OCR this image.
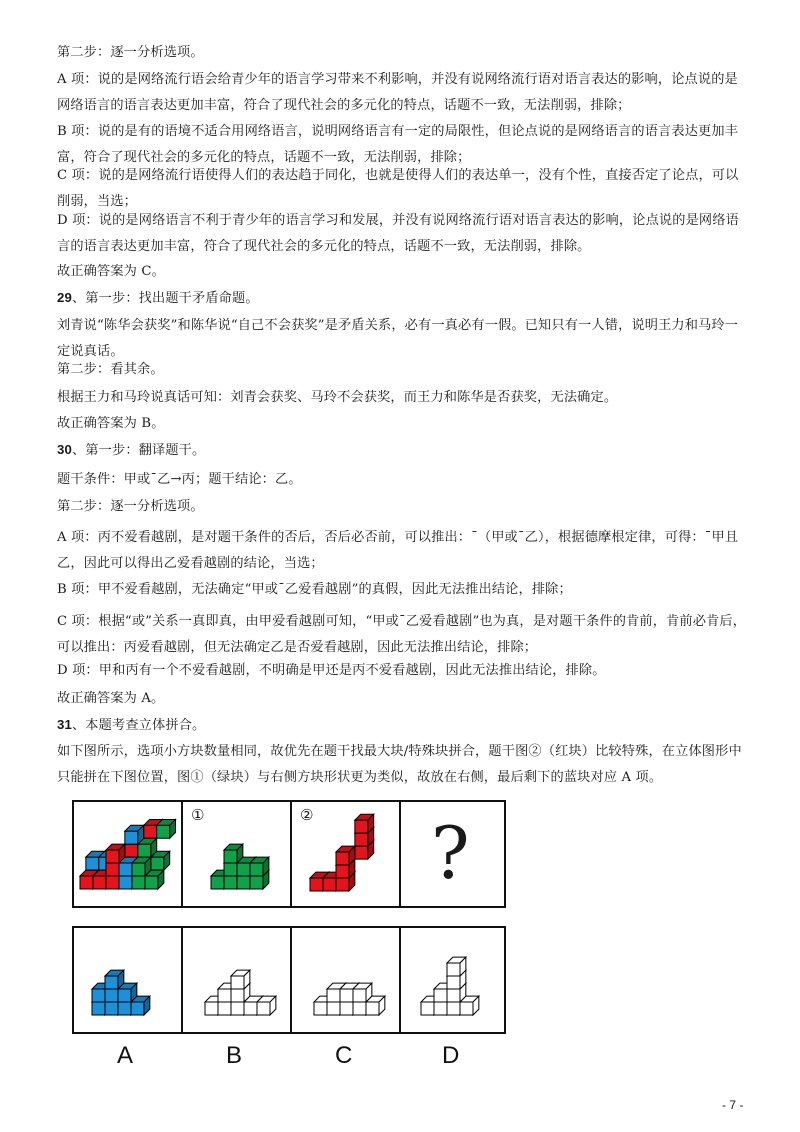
第二步：逐一分析选项。
A 项：说的是网络流行语会给青少年的语言学习带来不利影响，并没有说网络流行语对语言表达的影响，论点说的是网络语言的语言表达更加丰富，符合了现代社会的多元化的特点，话题不一致，无法削弱，排除；
B 项：说的是有的语境不适合用网络语言，说明网络语言有一定的局限性，但论点说的是网络语言的语言表达更加丰富，符合了现代社会的多元化的特点，话题不一致，无法削弱，排除；
C 项：说的是网络流行语使得人们的表达趋于同化，也就是使得人们的表达单一，没有个性，直接否定了论点，可以削弱，当选；
D 项：说的是网络语言不利于青少年的语言学习和发展，并没有说网络流行语对语言表达的影响，论点说的是网络语言的语言表达更加丰富，符合了现代社会的多元化的特点，话题不一致，无法削弱，排除。
故正确答案为 C。
29、第一步：找出题干矛盾命题。
刘青说“陈华会获奖”和陈华说“自己不会获奖”是矛盾关系，必有一真必有一假。已知只有一人错，说明王力和马玲一定说真话。
第二步：看其余。
根据王力和马玲说真话可知：刘青会获奖、马玲不会获奖，而王力和陈华是否获奖，无法确定。
故正确答案为 B。
30、第一步：翻译题干。
题干条件：甲或¯乙→丙；题干结论：乙。
第二步：逐一分析选项。
A 项：丙不爱看越剧，是对题干条件的否后，否后必否前，可以推出：¯（甲或¯乙），根据德摩根定律，可得：¯甲且乙，因此可以得出乙爱看越剧的结论，当选；
B 项：甲不爱看越剧，无法确定“甲或¯乙爱看越剧”的真假，因此无法推出结论，排除；
C 项：根据“或”关系一真即真，由甲爱看越剧可知，“甲或¯乙爱看越剧”也为真，是对题干条件的肯前，肯前必肯后，可以推出：丙爱看越剧，但无法确定乙是否爱看越剧，因此无法推出结论，排除；
D 项：甲和丙有一个不爱看越剧，不明确是甲还是丙不爱看越剧，因此无法推出结论，排除。
故正确答案为 A。
31、本题考查立体拼合。
如下图所示，选项小方块数量相同，故优先在题干找最大块/特殊块拼合，题干图②（红块）比较特殊，在立体图形中只能拼在下图位置，图①（绿块）与右侧方块形状更为类似，故放在右侧，最后剩下的蓝块对应 A 项。
①	② ?
A	B	C	D
- 7 -
